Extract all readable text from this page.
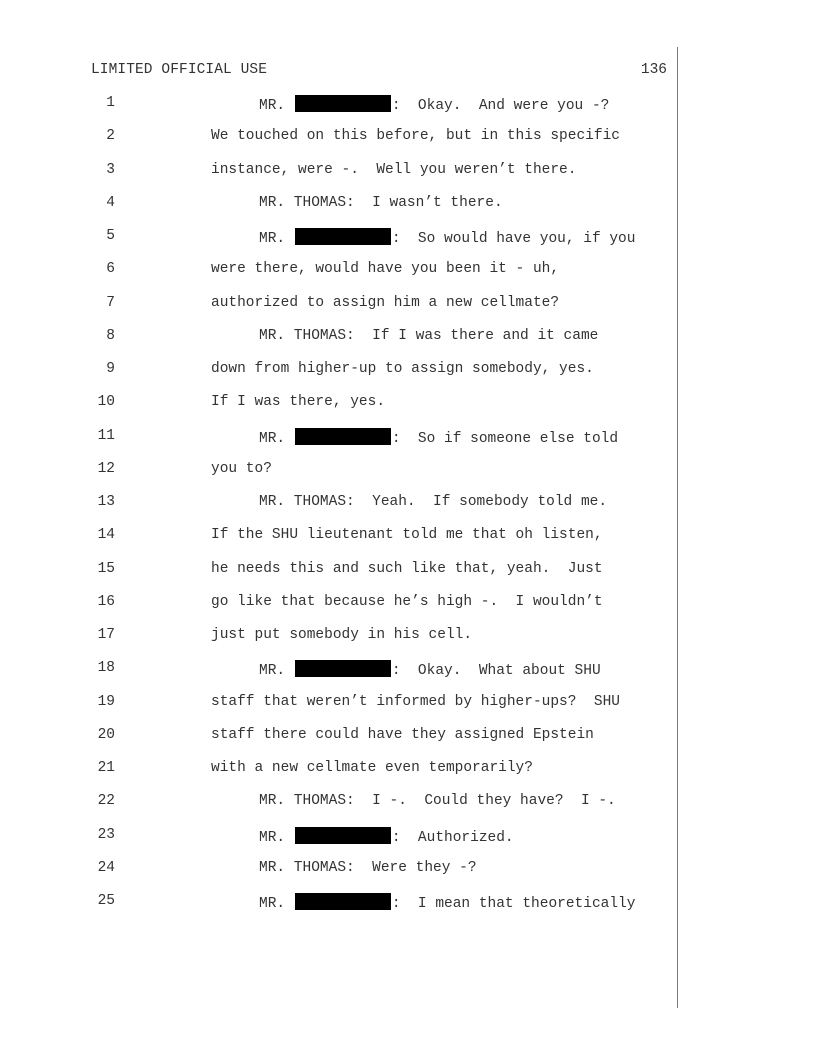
LIMITED OFFICIAL USE	136
1	MR.	:  Okay.  And were you -?
2	We touched on this before, but in this specific
3	instance, were -.  Well you weren’t there.
4	MR. THOMAS:  I wasn’t there.
5	MR.	:  So would have you, if you
6	were there, would have you been it - uh,
7	authorized to assign him a new cellmate?
8	MR. THOMAS:  If I was there and it came
9	down from higher-up to assign somebody, yes.
10	If I was there, yes.
11	MR.	:  So if someone else told
12	you to?
13	MR. THOMAS:  Yeah.  If somebody told me.
14	If the SHU lieutenant told me that oh listen,
15	he needs this and such like that, yeah.  Just
16	go like that because he’s high -.  I wouldn’t
17	just put somebody in his cell.
18	MR.	:  Okay.  What about SHU
19	staff that weren’t informed by higher-ups?  SHU
20	staff there could have they assigned Epstein
21	with a new cellmate even temporarily?
22	MR. THOMAS:  I -.  Could they have?  I -.
23	MR.	:  Authorized.
24	MR. THOMAS:  Were they -?
25	MR.	:  I mean that theoretically
